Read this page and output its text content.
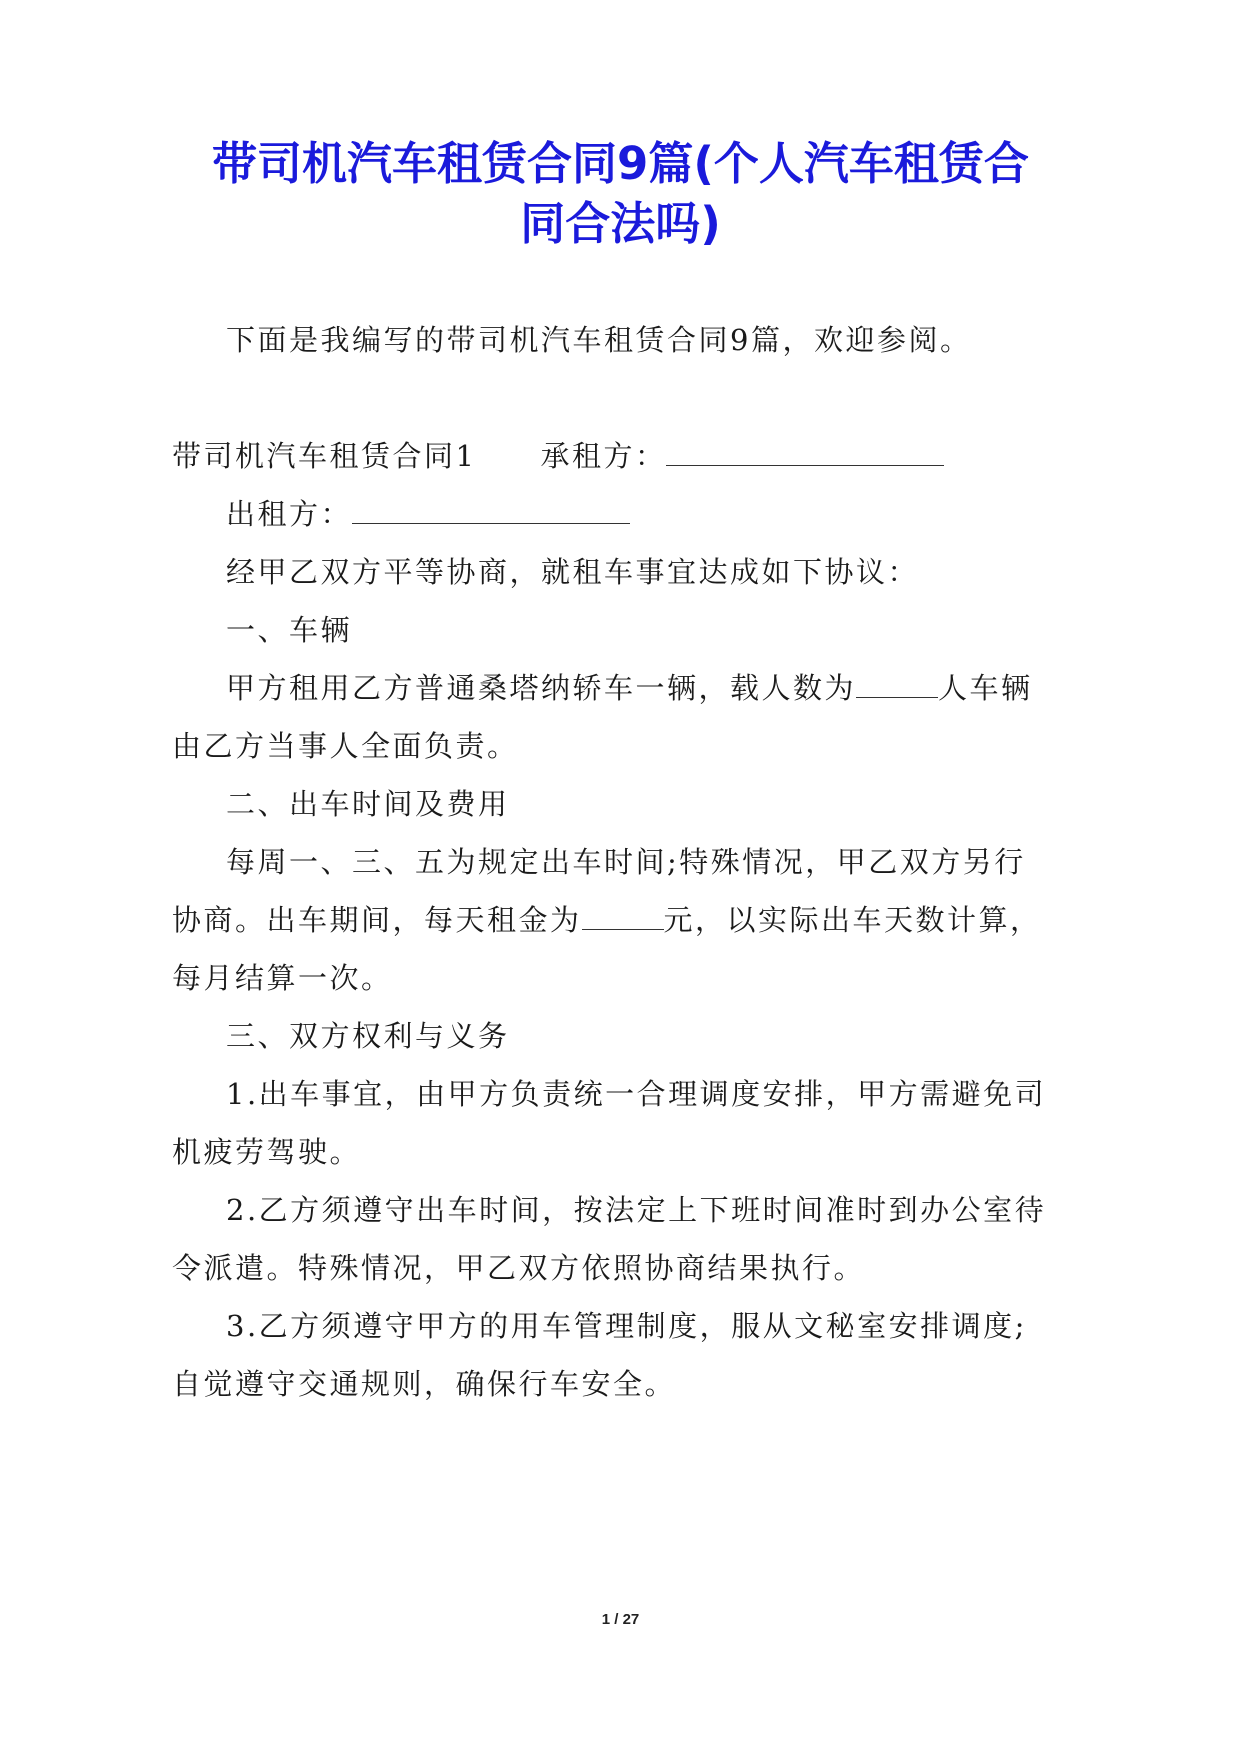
带司机汽车租赁合同9篇(个人汽车租赁合
同合法吗)

下面是我编写的带司机汽车租赁合同9篇，欢迎参阅。

带司机汽车租赁合同1 承租方：

出租方：

经甲乙双方平等协商，就租车事宜达成如下协议：

一、车辆

甲方租用乙方普通桑塔纳轿车一辆，载人数为	人车辆

由乙方当事人全面负责。

二、出车时间及费用

每周一、三、五为规定出车时间;特殊情况，甲乙双方另行

协商。出车期间，每天租金为	元，以实际出车天数计算，

每月结算一次。

三、双方权利与义务

1.出车事宜，由甲方负责统一合理调度安排，甲方需避免司

机疲劳驾驶。

2.乙方须遵守出车时间，按法定上下班时间准时到办公室待

令派遣。特殊情况，甲乙双方依照协商结果执行。

3.乙方须遵守甲方的用车管理制度，服从文秘室安排调度;

自觉遵守交通规则，确保行车安全。

1 / 27
